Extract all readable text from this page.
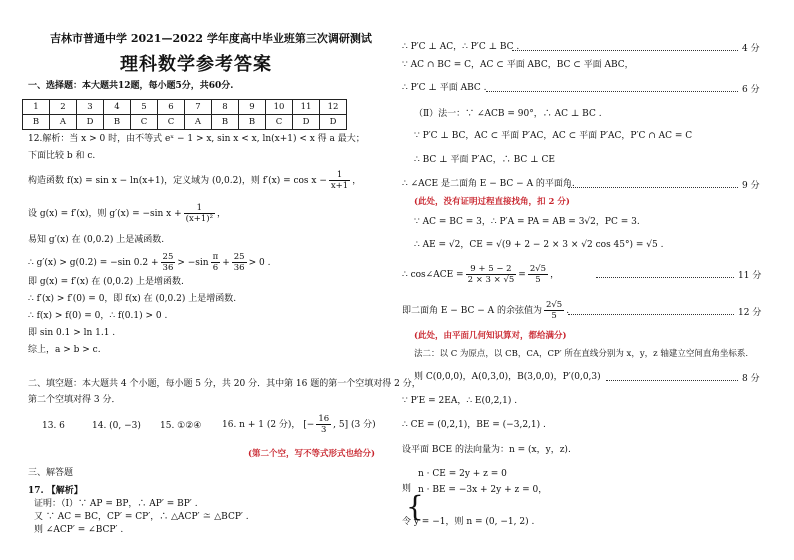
吉林市普通中学 2021—2022 学年度高中毕业班第三次调研测试
理科数学参考答案
一、选择题：本大题共12题，每小题5分，共60分.
1	2	3	4	5	6	7	8	9	10	11	12
B	A	D	B	C	C	A	B	B	C	D	D
12.解析：当 x > 0 时，由不等式 eˣ − 1 > x, sin x < x, ln(x+1) < x 得 a 最大；
下面比较 b 和 c.
构造函数 f(x) = sin x − ln(x+1)，定义域为 (0,0.2)，则 $f'(x) = \cos x - \frac{1}{x+1}$ ，
设 g(x) = f′(x)，则 g′(x) = −sin $x + \frac{1}{\text{(x+1)²}}$ ，
易知 g′(x) 在 (0,0.2) 上是减函数.
∴ g′(x) > g(0.2) = −sin $0.2 + \frac{25}{36} > -\sin \frac{\pi}{6} + \frac{25}{36} > 0$ .
即 g(x) = f′(x) 在 (0,0.2) 上是增函数.
∴ f′(x) > f′(0) = 0，即 f(x) 在 (0,0.2) 上是增函数.
∴ f(x) > f(0) = 0，∴ f(0.1) > 0 .
即 sin 0.1 > ln 1.1 .
综上，a > b > c.
二、填空题：本大题共 4 个小题，每小题 5 分，共 20 分．其中第 16 题的第一个空填对得 2 分，
第二个空填对得 3 分．
13. 6	14. (0, −3) 15. ①②④ 16. n + 1 (2 分)， [− $\frac{16}{3}$ , 5] (3 分)
(第二个空，写不等式形式也给分)
三、解答题
17. 【解析】
证明：（Ⅰ）∵ AP = BP，∴ AP′ = BP′ .
又 ∵ AC = BC，CP′ = CP′，∴ △ACP′ ≅ △BCP′ .
则 ∠ACP′ = ∠BCP′ .
∴ P′C ⊥ AC，∴ P′C ⊥ BC .	4 分
∵ AC ∩ BC = C，AC ⊂ 平面 ABC，BC ⊂ 平面 ABC，
∴ P′C ⊥ 平面 ABC .	6 分
（Ⅱ）法一：∵ ∠ACB = 90°，∴ AC ⊥ BC .
∵ P′C ⊥ BC，AC ⊂ 平面 P′AC，AC ⊂ 平面 P′AC，P′C ∩ AC = C
∴ BC ⊥ 平面 P′AC，∴ BC ⊥ CE
∴ ∠ACE 是二面角 E − BC − A 的平面角.	9 分
(此处，没有证明过程直接找角，扣 2 分)
∵ AC = BC = 3，∴ P′A = PA = AB = 3√2，PC = 3.
∴ AE = √2，CE = √(9 + 2 − 2 × 3 × √2 cos 45°) = √5 .
∴ cos∠ACE = $\frac{9 + 5 - 2}{2 \times 3 \times √5} = \frac{2√5}{5}$ ，	11 分
即二面角 E − BC − A 的余弦值为 $\frac{2√5}{5}$ .	12 分
(此处，由平面几何知识算对，都给满分)
法二：以 C 为原点，以 CB，CA，CP′ 所在直线分别为 x，y，z 轴建立空间直角坐标系.
则 C(0,0,0)，A(0,3,0)，B(3,0,0)，P′(0,0,3)	8 分
∵ P′E = 2EA，∴ E(0,2,1) .
∴ CE = (0,2,1)，BE = (−3,2,1) .
设平面 BCE 的法向量为：n = (x，y，z).
则
{
n · CE = 2y + z = 0
n · BE = −3x + 2y + z = 0，
令 y = −1，则 n = (0, −1, 2) .
